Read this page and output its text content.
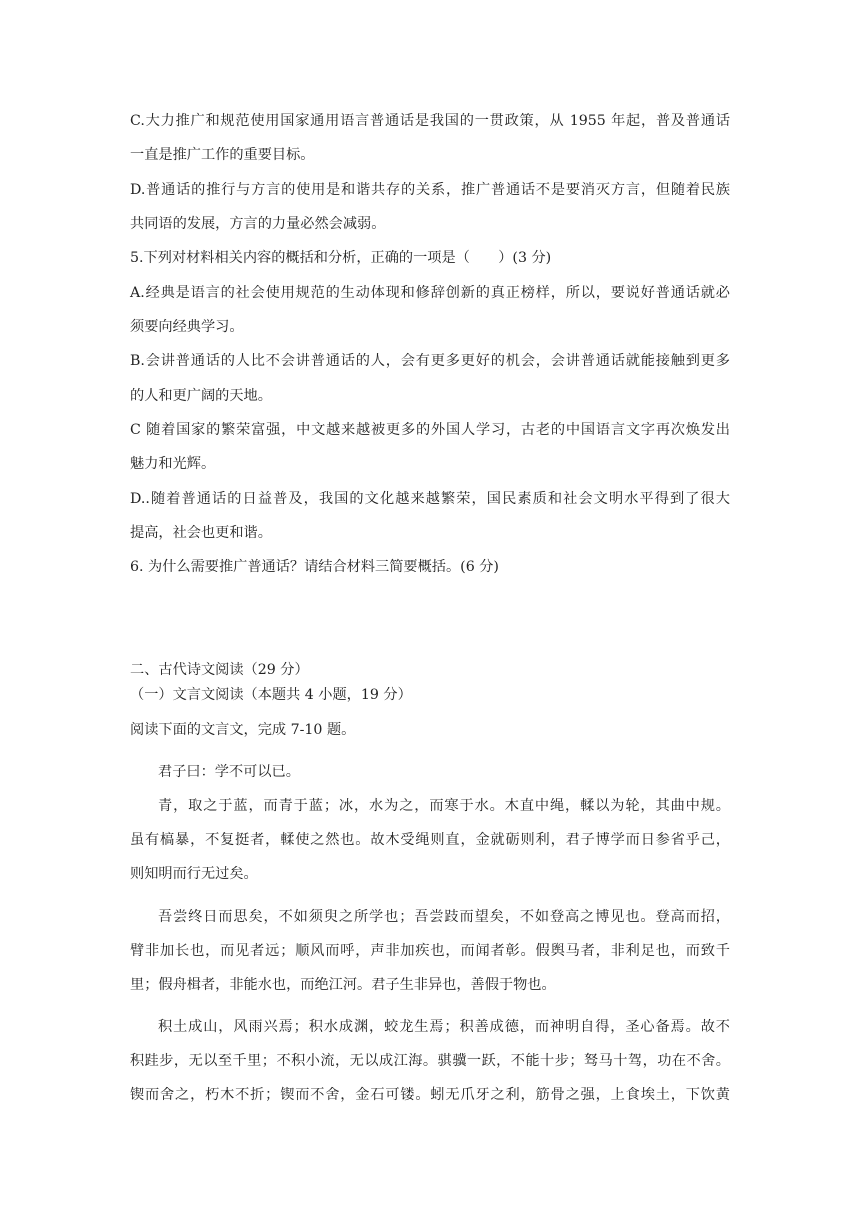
C.大力推广和规范使用国家通用语言普通话是我国的一贯政策，从 1955 年起，普及普通话
一直是推广工作的重要目标。
D.普通话的推行与方言的使用是和谐共存的关系，推广普通话不是要消灭方言，但随着民族
共同语的发展，方言的力量必然会减弱。
5.下列对材料相关内容的概括和分析，正确的一项是（　　）(3 分)
A.经典是语言的社会使用规范的生动体现和修辞创新的真正榜样，所以，要说好普通话就必
须要向经典学习。
B.会讲普通话的人比不会讲普通话的人，会有更多更好的机会，会讲普通话就能接触到更多
的人和更广阔的天地。
C 随着国家的繁荣富强，中文越来越被更多的外国人学习，古老的中国语言文字再次焕发出
魅力和光辉。
D..随着普通话的日益普及，我国的文化越来越繁荣，国民素质和社会文明水平得到了很大
提高，社会也更和谐。
6. 为什么需要推广普通话？请结合材料三简要概括。(6 分)
二、古代诗文阅读（29 分）
（一）文言文阅读（本题共 4 小题，19 分）
阅读下面的文言文，完成 7-10 题。
君子曰：学不可以已。
青，取之于蓝，而青于蓝；冰，水为之，而寒于水。木直中绳，輮以为轮，其曲中规。
虽有槁暴，不复挺者，輮使之然也。故木受绳则直，金就砺则利，君子博学而日参省乎己，
则知明而行无过矣。
吾尝终日而思矣，不如须臾之所学也；吾尝跂而望矣，不如登高之博见也。登高而招，
臂非加长也，而见者远；顺风而呼，声非加疾也，而闻者彰。假舆马者，非利足也，而致千
里；假舟楫者，非能水也，而绝江河。君子生非异也，善假于物也。
积土成山，风雨兴焉；积水成渊，蛟龙生焉；积善成德，而神明自得，圣心备焉。故不
积跬步，无以至千里；不积小流，无以成江海。骐骥一跃，不能十步；驽马十驾，功在不舍。
锲而舍之，朽木不折；锲而不舍，金石可镂。蚓无爪牙之利，筋骨之强，上食埃土，下饮黄
